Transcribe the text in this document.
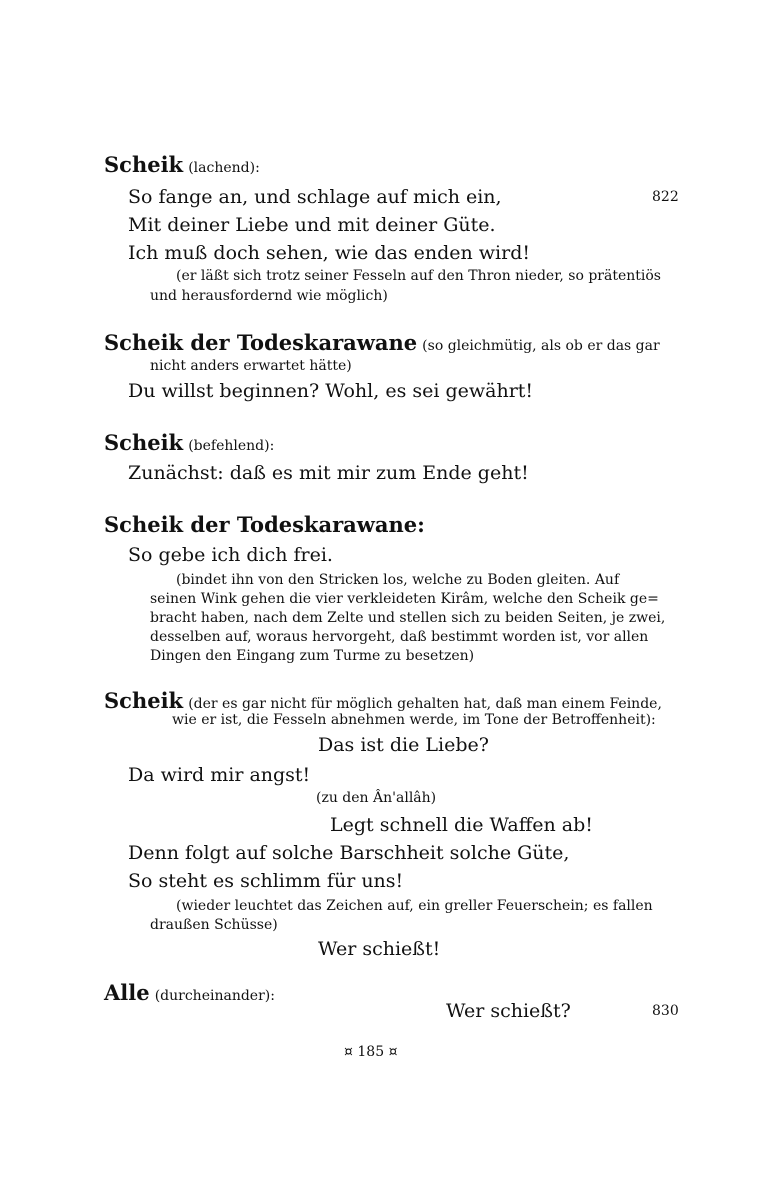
Scheik (lachend):
So fange an, und schlage auf mich ein,	822
Mit deiner Liebe und mit deiner Güte.
Ich muß doch sehen, wie das enden wird!
(er läßt sich trotz seiner Fesseln auf den Thron nieder, so prätentiös
und herausfordernd wie möglich)
Scheik der Todeskarawane (so gleichmütig, als ob er das gar
nicht anders erwartet hätte)
Du willst beginnen? Wohl, es sei gewährt!
Scheik (befehlend):
Zunächst: daß es mit mir zum Ende geht!
Scheik der Todeskarawane:
So gebe ich dich frei.
(bindet ihn von den Stricken los, welche zu Boden gleiten. Auf
seinen Wink gehen die vier verkleideten Kirâm, welche den Scheik ge=
bracht haben, nach dem Zelte und stellen sich zu beiden Seiten, je zwei,
desselben auf, woraus hervorgeht, daß bestimmt worden ist, vor allen
Dingen den Eingang zum Turme zu besetzen)
Scheik (der es gar nicht für möglich gehalten hat, daß man einem Feinde,
wie er ist, die Fesseln abnehmen werde, im Tone der Betroffenheit):
Das ist die Liebe?
Da wird mir angst!
(zu den Ân'allâh)
Legt schnell die Waffen ab!
Denn folgt auf solche Barschheit solche Güte,
So steht es schlimm für uns!
(wieder leuchtet das Zeichen auf, ein greller Feuerschein; es fallen
draußen Schüsse)
Wer schießt!
Alle (durcheinander):
Wer schießt?	830
¤ 185 ¤
